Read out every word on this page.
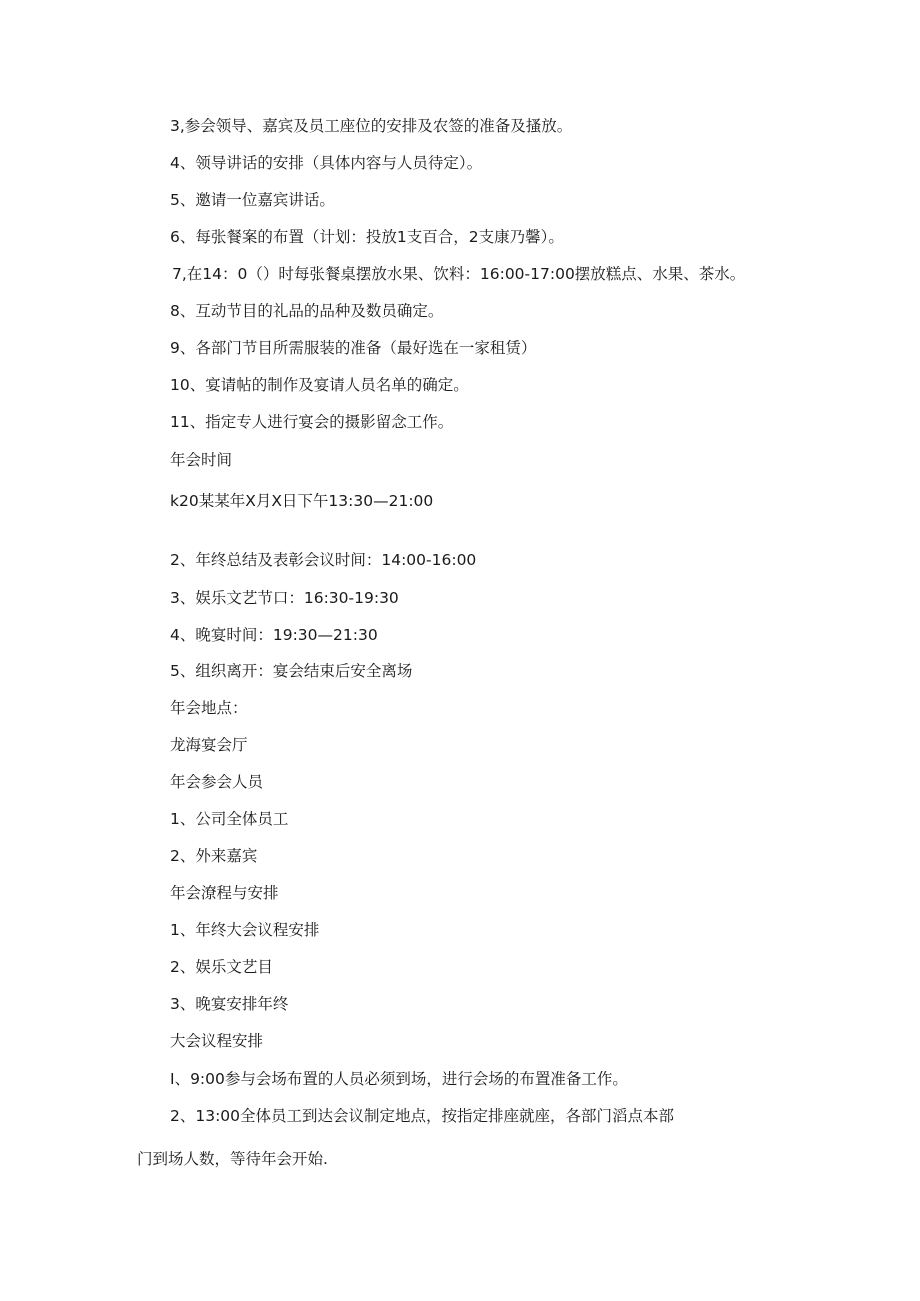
3,参会领导、嘉宾及员工座位的安排及农签的准备及搔放。
4、领导讲话的安排（具体内容与人员待定）。
5、邀请一位嘉宾讲话。
6、每张餐案的布置（计划：投放1支百合，2支康乃馨）。
7,在14：0（）时每张餐桌摆放水果、饮料：16:00-17:00摆放糕点、水果、茶水。
8、互动节目的礼品的品种及数员确定。
9、各部门节目所需服装的准备（最好选在一家租赁）
10、宴请帖的制作及宴请人员名单的确定。
11、指定专人进行宴会的摄影留念工作。
年会时间
k20某某年X月X日下午13:30—21:00
2、年终总结及表彰会议时间：14:00-16:00
3、娱乐文艺节口：16:30-19:30
4、晚宴时间：19:30—21:30
5、组织离开：宴会结束后安全离场
年会地点：
龙海宴会厅
年会参会人员
1、公司全体员工
2、外来嘉宾
年会潦程与安排
1、年终大会议程安排
2、娱乐文艺目
3、晚宴安排年终
大会议程安排
I、9:00参与会场布置的人员必须到场，进行会场的布置准备工作。
2、13:00全体员工到达会议制定地点，按指定排座就座，各部门滔点本部
门到场人数，等待年会开始.
